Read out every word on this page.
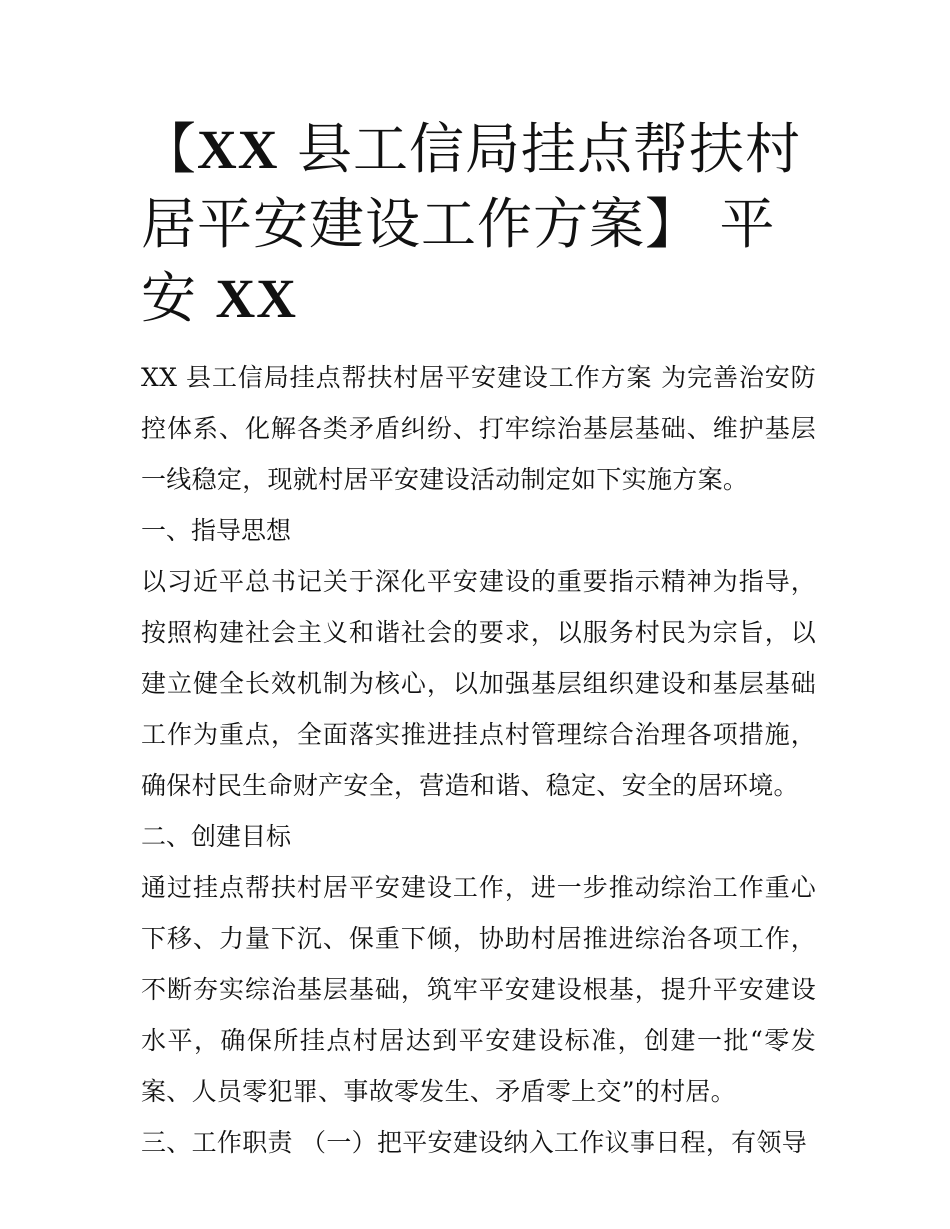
【XX 县工信局挂点帮扶村居平安建设工作方案】 平安 XX

XX 县工信局挂点帮扶村居平安建设工作方案 为完善治安防控体系、化解各类矛盾纠纷、打牢综治基层基础、维护基层一线稳定，现就村居平安建设活动制定如下实施方案。

一、指导思想

以习近平总书记关于深化平安建设的重要指示精神为指导，按照构建社会主义和谐社会的要求，以服务村民为宗旨，以建立健全长效机制为核心，以加强基层组织建设和基层基础工作为重点，全面落实推进挂点村管理综合治理各项措施，确保村民生命财产安全，营造和谐、稳定、安全的居环境。

二、创建目标

通过挂点帮扶村居平安建设工作，进一步推动综治工作重心下移、力量下沉、保重下倾，协助村居推进综治各项工作，不断夯实综治基层基础，筑牢平安建设根基，提升平安建设水平，确保所挂点村居达到平安建设标准，创建一批“零发案、人员零犯罪、事故零发生、矛盾零上交”的村居。

三、工作职责 （一）把平安建设纳入工作议事日程，有领导
